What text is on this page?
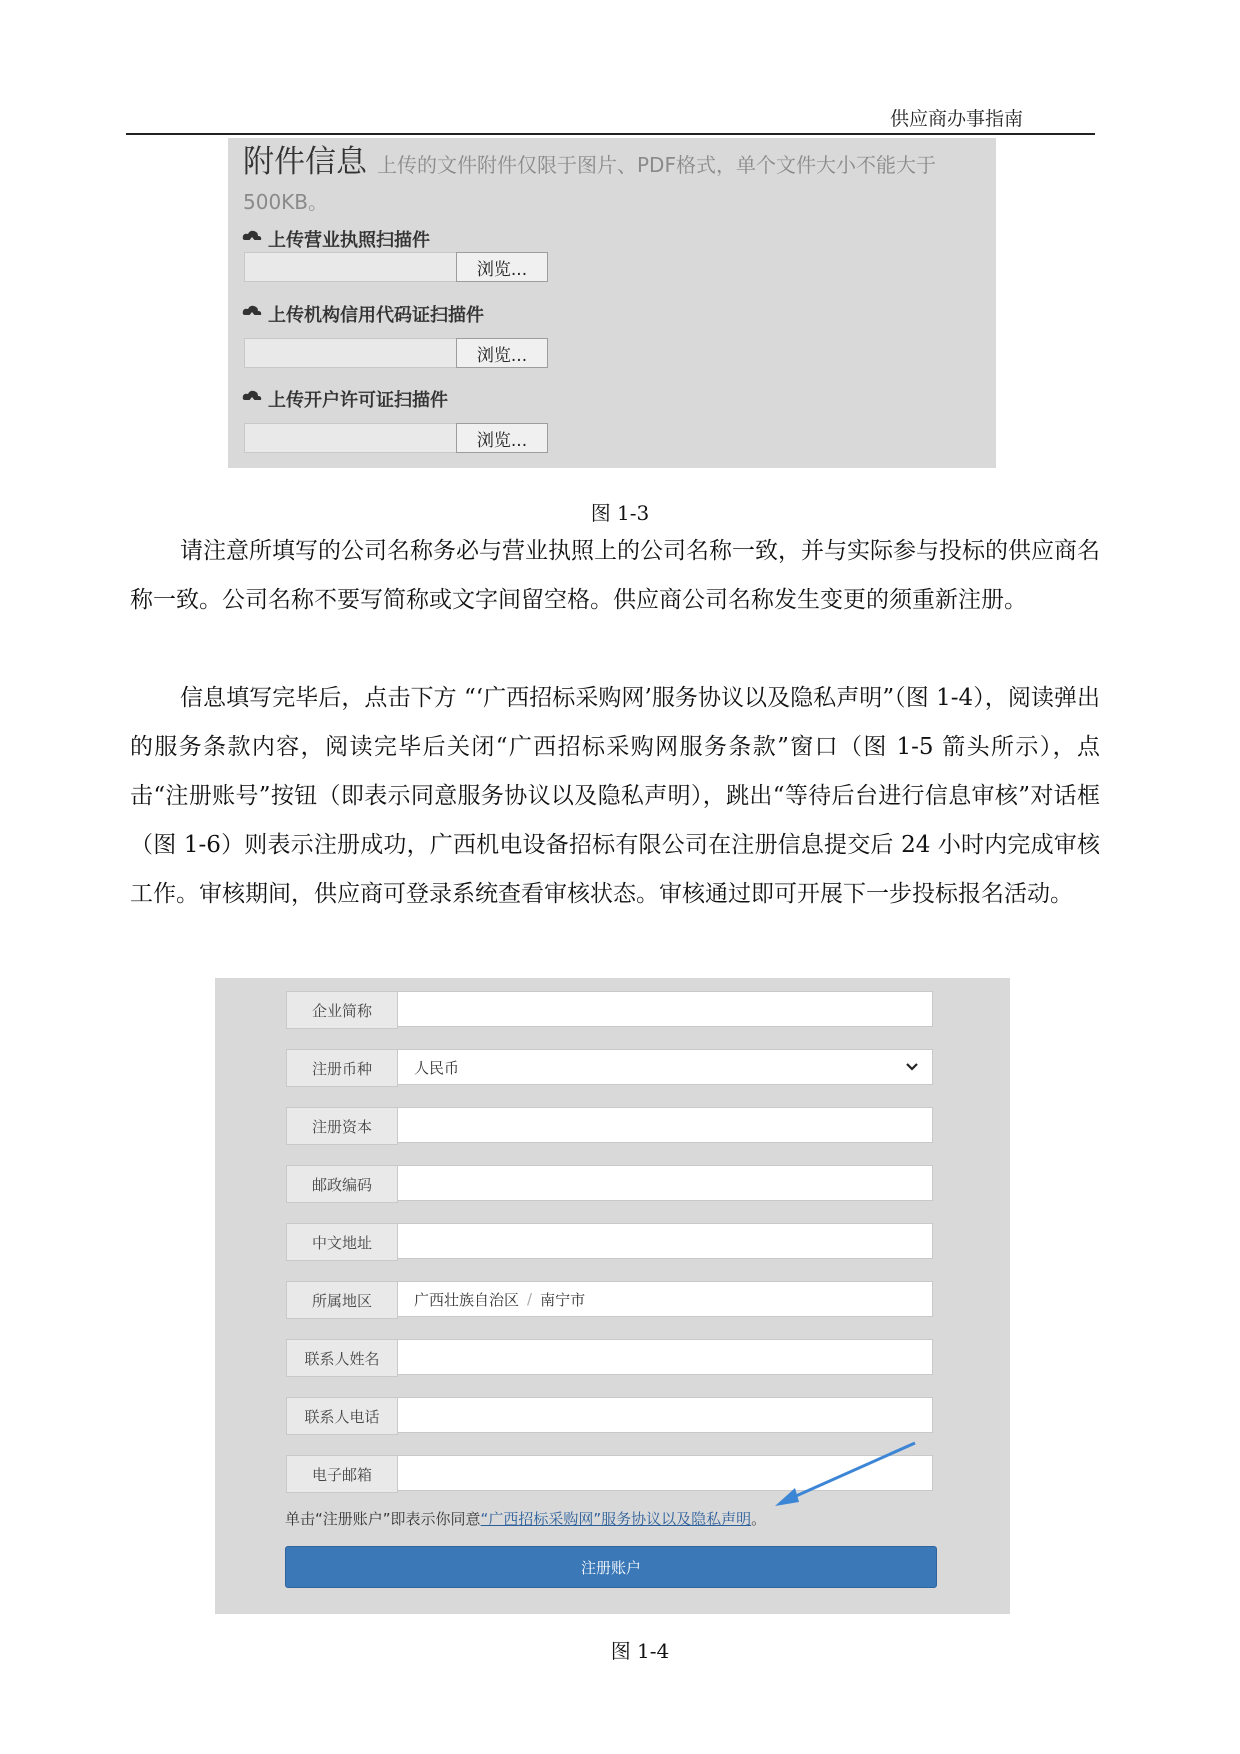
供应商办事指南
附件信息 上传的文件附件仅限于图片、PDF格式，单个文件大小不能大于
500KB。
上传营业执照扫描件
浏览...
上传机构信用代码证扫描件
浏览...
上传开户许可证扫描件
浏览...
图 1-3
请注意所填写的公司名称务必与营业执照上的公司名称一致，并与实际参与投标的供应商名称一致。公司名称不要写简称或文字间留空格。供应商公司名称发生变更的须重新注册。
信息填写完毕后，点击下方 “‘广西招标采购网’服务协议以及隐私声明”（图 1-4），阅读弹出的服务条款内容，阅读完毕后关闭“广西招标采购网服务条款”窗口（图 1-5 箭头所示），点击“注册账号”按钮（即表示同意服务协议以及隐私声明），跳出“等待后台进行信息审核”对话框（图 1-6）则表示注册成功，广西机电设备招标有限公司在注册信息提交后 24 小时内完成审核工作。审核期间，供应商可登录系统查看审核状态。审核通过即可开展下一步投标报名活动。
企业简称
注册币种	人民币
注册资本
邮政编码
中文地址
所属地区	广西壮族自治区 / 南宁市
联系人姓名
联系人电话
电子邮箱
单击“注册账户”即表示你同意“广西招标采购网”服务协议以及隐私声明。
注册账户
图 1-4
